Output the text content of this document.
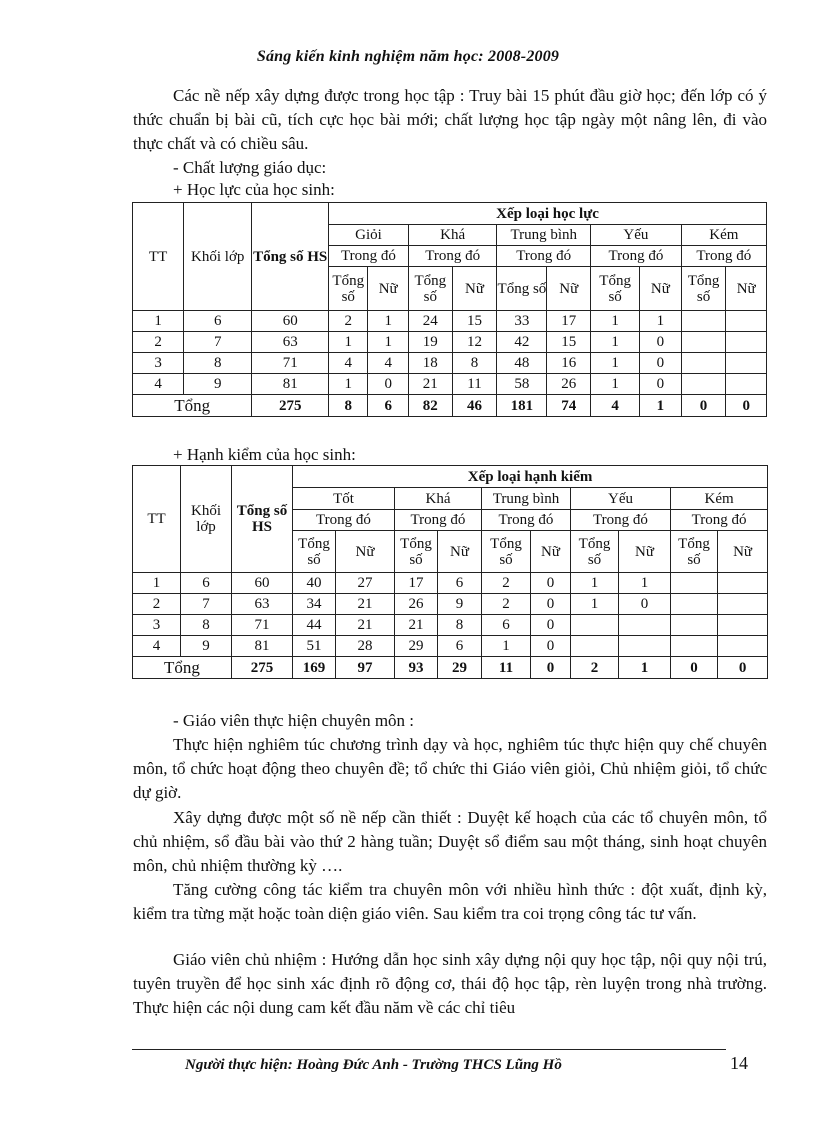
Sáng kiến kinh nghiệm năm học: 2008-2009

Các nề nếp xây dựng được trong học tập : Truy bài 15 phút đầu giờ học; đến lớp có ý thức chuẩn bị bài cũ, tích cực học bài mới; chất lượng học tập ngày một nâng lên, đi vào thực chất và có chiều sâu.

- Chất lượng giáo dục:

+ Học lực của học sinh:

TT	Khối lớp	Tổng số HS	Xếp loại học lực									
			Giỏi		Khá		Trung bình		Yếu		Kém	
			Trong đó		Trong đó		Trong đó		Trong đó		Trong đó	
			Tổng số	Nữ	Tổng số	Nữ	Tổng số	Nữ	Tổng số	Nữ	Tổng số	Nữ
1	6	60	2	1	24	15	33	17	1	1		
2	7	63	1	1	19	12	42	15	1	0		
3	8	71	4	4	18	8	48	16	1	0		
4	9	81	1	0	21	11	58	26	1	0		
Tổng		275	8	6	82	46	181	74	4	1	0	0

+ Hạnh kiểm của học sinh:

TT	Khối lớp	Tổng số HS	Xếp loại hạnh kiểm									
			Tốt		Khá		Trung bình		Yếu		Kém	
			Trong đó		Trong đó		Trong đó		Trong đó		Trong đó	
			Tổng số	Nữ	Tổng số	Nữ	Tổng số	Nữ	Tổng số	Nữ	Tổng số	Nữ
1	6	60	40	27	17	6	2	0	1	1		
2	7	63	34	21	26	9	2	0	1	0		
3	8	71	44	21	21	8	6	0				
4	9	81	51	28	29	6	1	0				
Tổng		275	169	97	93	29	11	0	2	1	0	0

- Giáo viên thực hiện chuyên môn :

Thực hiện nghiêm túc chương trình dạy và học, nghiêm túc thực hiện quy chế chuyên môn, tổ chức hoạt động theo chuyên đề; tổ chức thi Giáo viên giỏi, Chủ nhiệm giỏi, tổ chức dự giờ.

Xây dựng được một số nề nếp cần thiết : Duyệt kế hoạch của các tổ chuyên môn, tổ chủ nhiệm, sổ đầu bài vào thứ 2 hàng tuần; Duyệt sổ điểm sau một tháng, sinh hoạt chuyên môn, chủ nhiệm thường kỳ ….

Tăng cường công tác kiểm tra chuyên môn với nhiều hình thức : đột xuất, định kỳ, kiểm tra từng mặt hoặc toàn diện giáo viên. Sau kiểm tra coi trọng công tác tư vấn.

Giáo viên chủ nhiệm : Hướng dẫn học sinh xây dựng nội quy học tập, nội quy nội trú, tuyên truyền để học sinh xác định rõ động cơ, thái độ học tập, rèn luyện trong nhà trường. Thực hiện các nội dung cam kết đầu năm về các chỉ tiêu

Người thực hiện: Hoàng Đức Anh - Trường THCS Lũng Hồ	14
